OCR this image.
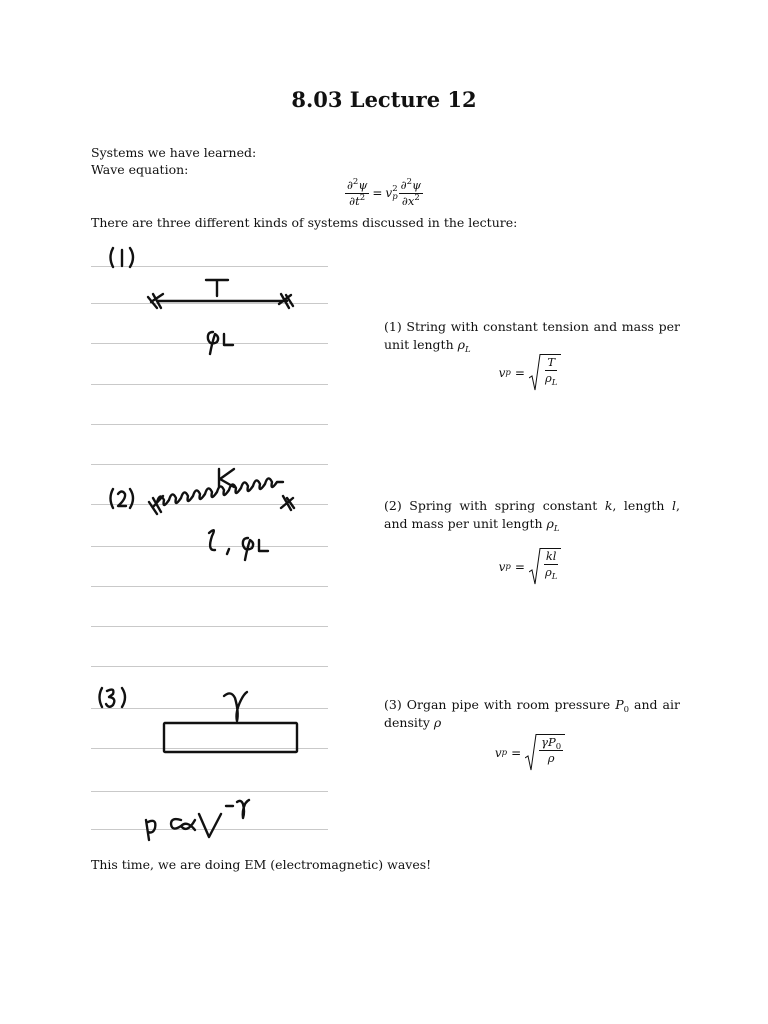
8.03 Lecture 12
Systems we have learned:
Wave equation:
$\frac{\partial^2\psi}{\partial t^2} = v$ 2
p $\frac{\partial^2\psi}{\partial x^2}$
There are three different kinds of systems discussed in the lecture:
(1) String with constant tension and mass per unit length $\rho_L$
v $p = \frac{T}{\rho_L}$
(2) Spring with spring constant k, length l, and mass per unit length $\rho_L$
v $p = \frac{kl}{\rho_L}$
(3) Organ pipe with room pressure $P_0$ and air density ρ
v $p = \frac{\gamma P_0}{\rho}$
This time, we are doing EM (electromagnetic) waves!
